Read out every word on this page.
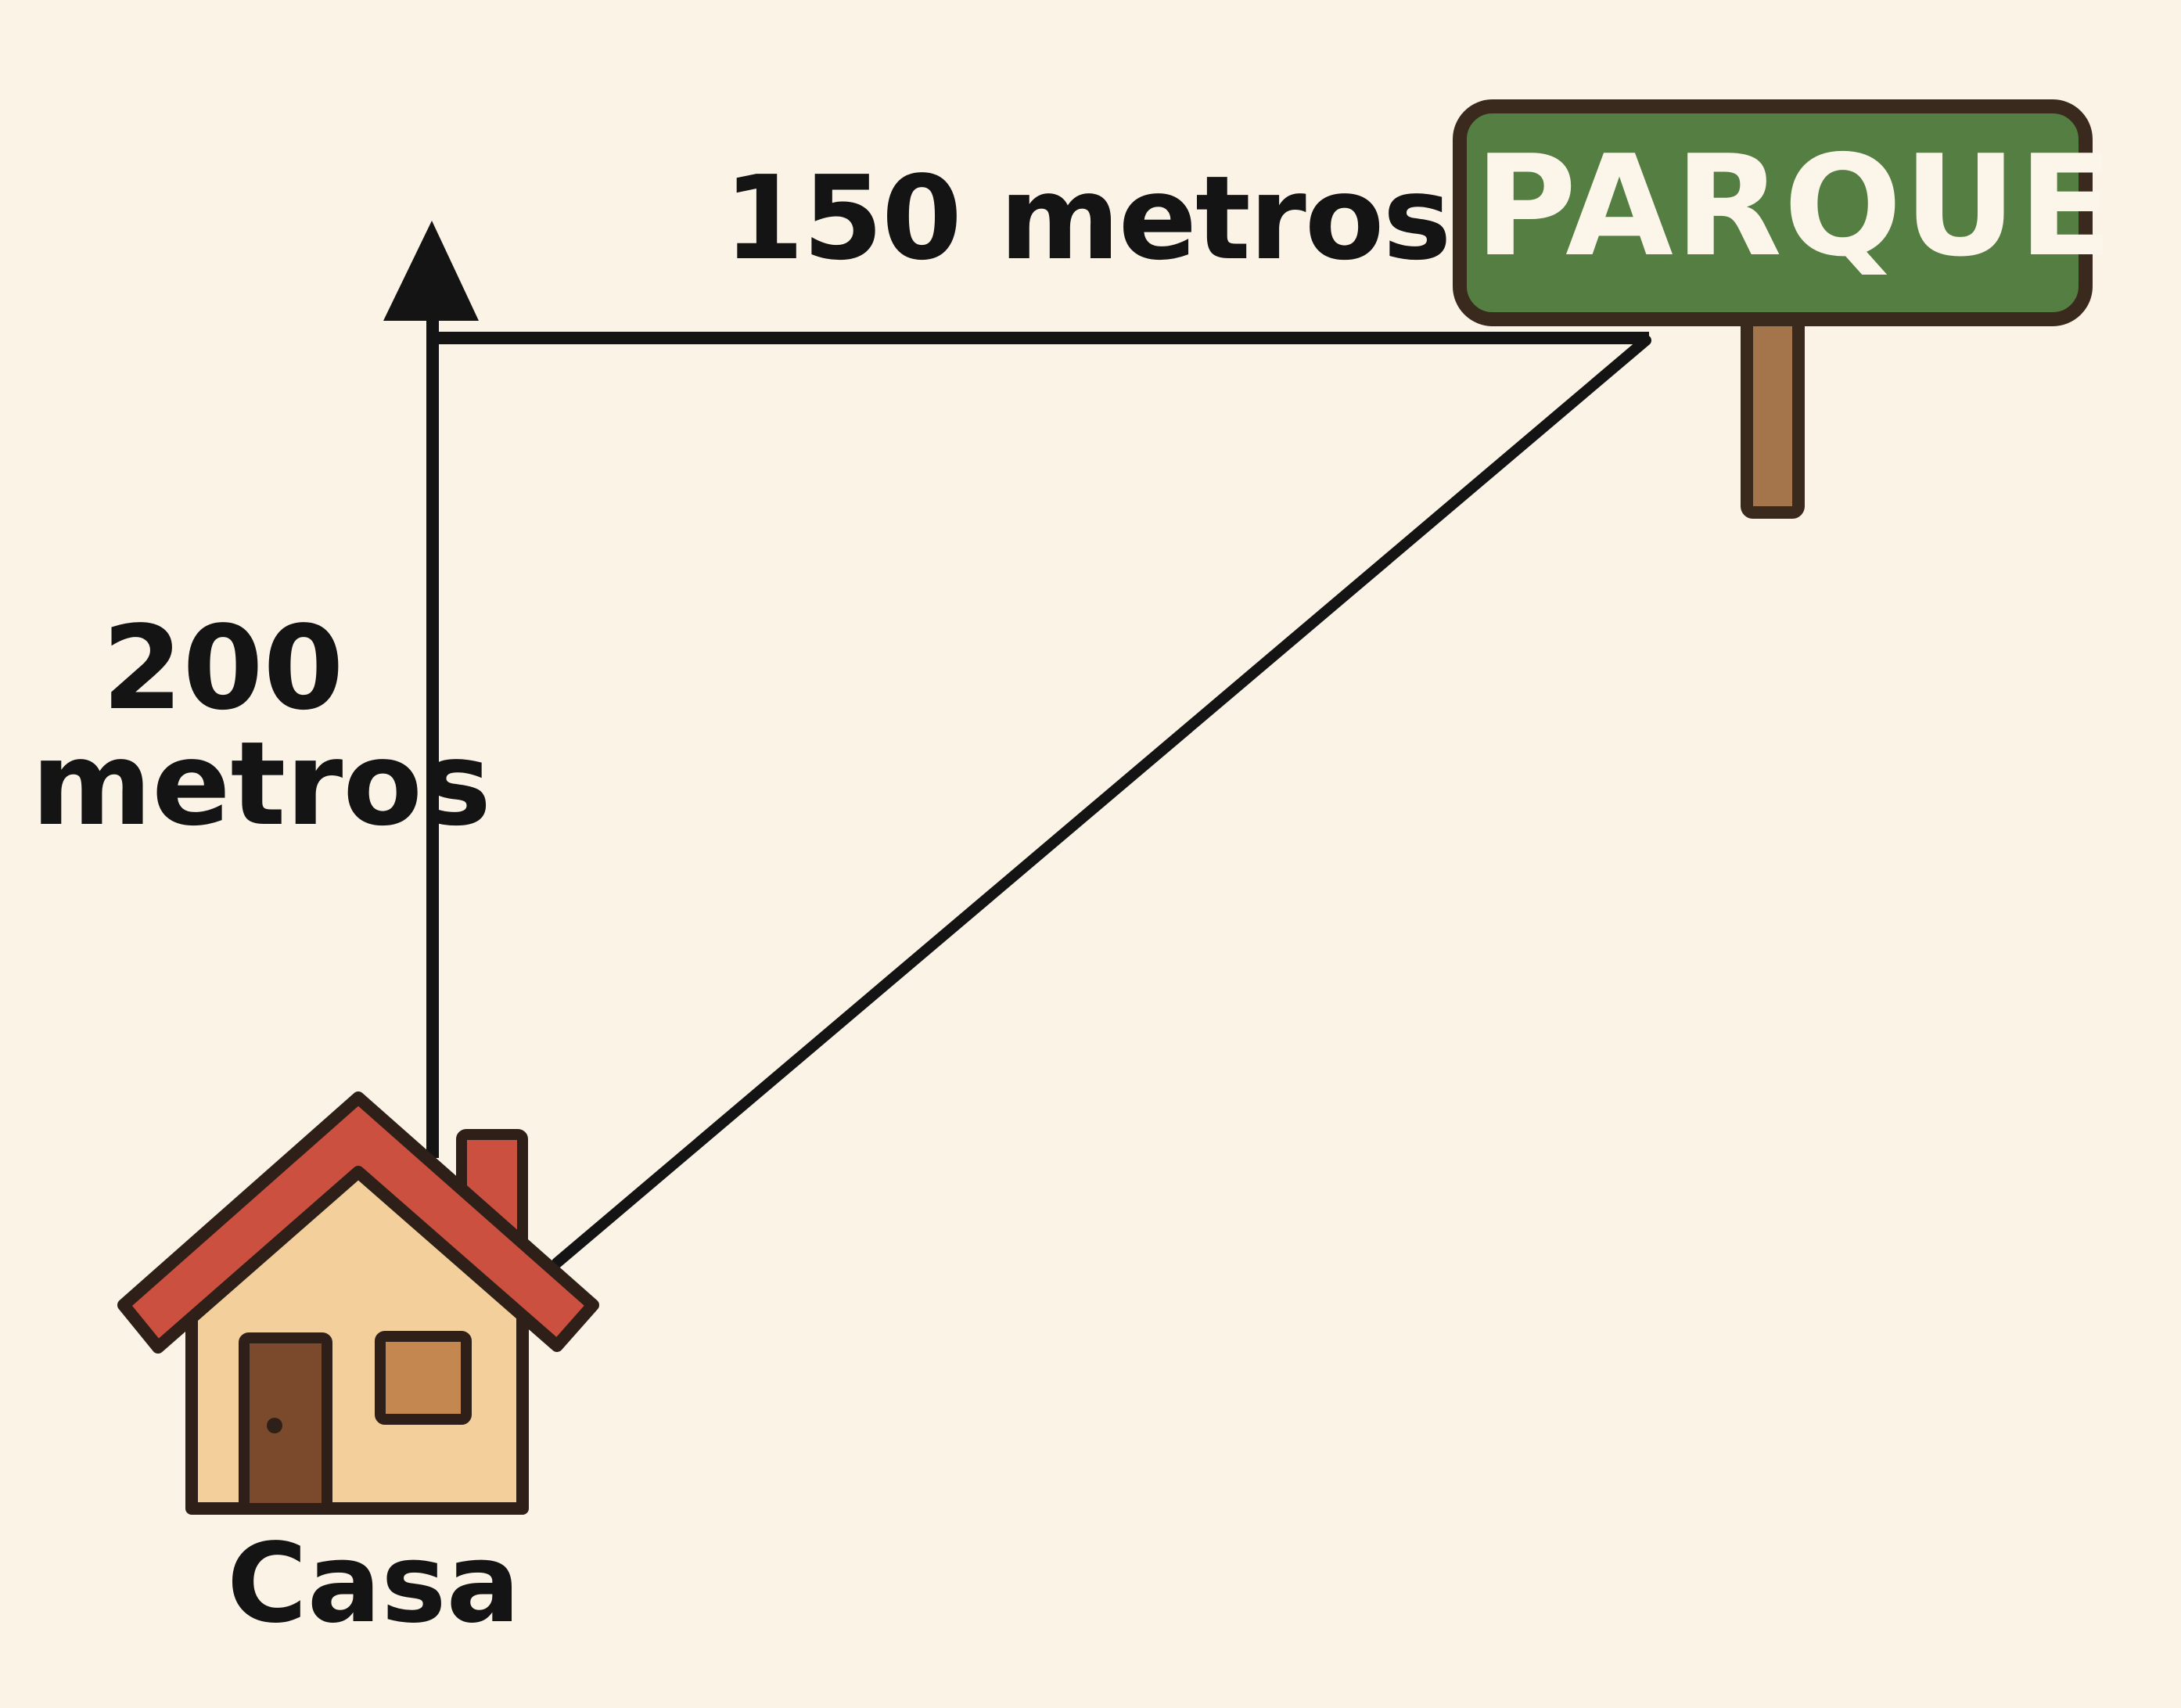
150 metros
200
metros
Casa
PARQUE
